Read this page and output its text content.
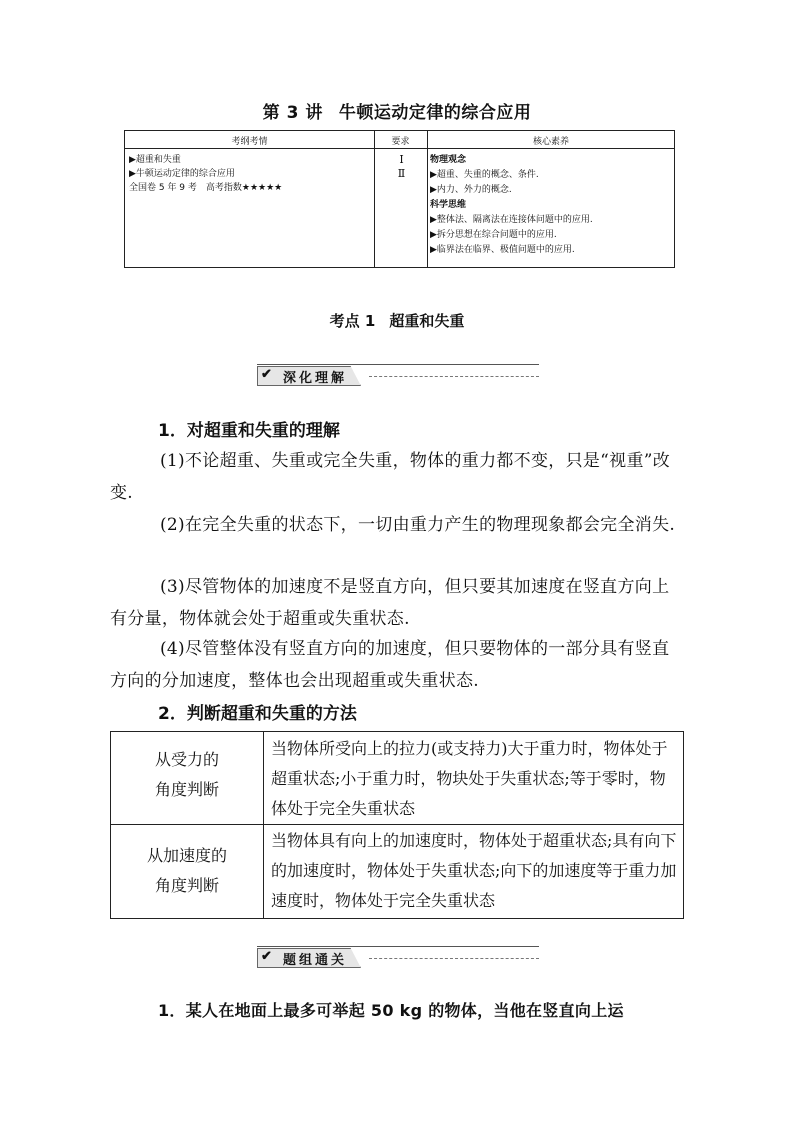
第 3 讲 牛顿运动定律的综合应用
考纲考情	要求	核心素养
▶超重和失重
▶牛顿运动定律的综合应用
全国卷 5 年 9 考　高考指数★★★★★
Ⅰ
Ⅱ
物理观念
▶超重、失重的概念、条件.
▶内力、外力的概念.
科学思维
▶整体法、隔离法在连接体问题中的应用.
▶拆分思想在综合问题中的应用.
▶临界法在临界、极值问题中的应用.
考点 1 超重和失重
✔ 深化理解
1．对超重和失重的理解
(1)不论超重、失重或完全失重，物体的重力都不变，只是“视重”改变.
(2)在完全失重的状态下，一切由重力产生的物理现象都会完全消失.
(3)尽管物体的加速度不是竖直方向，但只要其加速度在竖直方向上有分量，物体就会处于超重或失重状态.
(4)尽管整体没有竖直方向的加速度，但只要物体的一部分具有竖直方向的分加速度，整体也会出现超重或失重状态.
2．判断超重和失重的方法
从受力的
角度判断
当物体所受向上的拉力(或支持力)大于重力时，物体处于超重状态;小于重力时，物块处于失重状态;等于零时，物体处于完全失重状态
从加速度的
角度判断
当物体具有向上的加速度时，物体处于超重状态;具有向下的加速度时，物体处于失重状态;向下的加速度等于重力加速度时，物体处于完全失重状态
✔ 题组通关
1．某人在地面上最多可举起 50 kg 的物体，当他在竖直向上运
